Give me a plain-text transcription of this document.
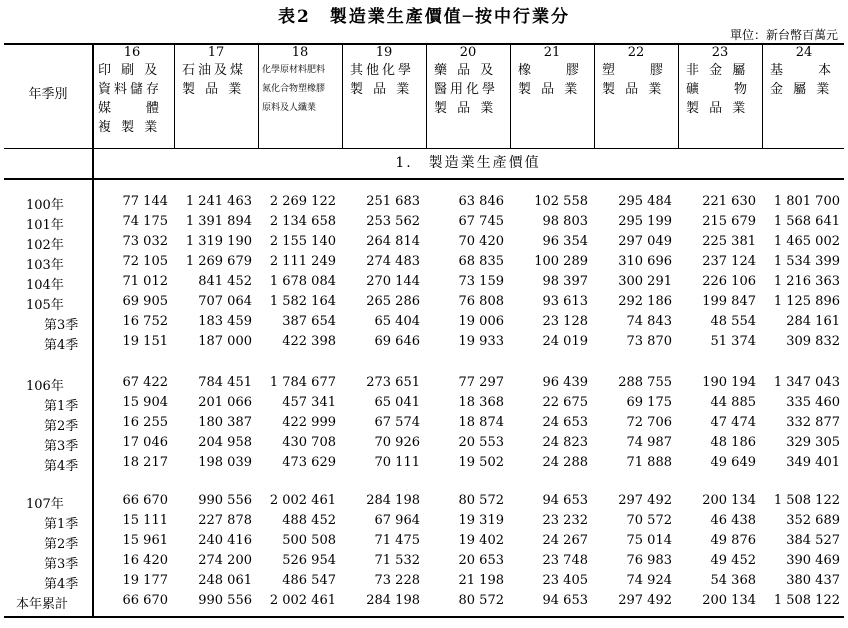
表2　製造業生產價值─按中行業分
單位：新台幣百萬元
年季別
1.　製造業生產價值
16
印 刷 及
資料儲存
媒　　體
複 製 業
17
石油及煤
製 品 業
18
化學原材料肥料
氮化合物塑橡膠
原料及人纖業
19
其他化學
製 品 業
20
藥 品 及
醫用化學
製 品 業
21
橡　　膠
製 品 業
22
塑　　膠
製 品 業
23
非 金 屬
礦　　物
製 品 業
24
基　　本
金 屬 業
100年	77 144	1 241 463	2 269 122	251 683	63 846	102 558	295 484	221 630	1 801 700
101年	74 175	1 391 894	2 134 658	253 562	67 745	98 803	295 199	215 679	1 568 641
102年	73 032	1 319 190	2 155 140	264 814	70 420	96 354	297 049	225 381	1 465 002
103年	72 105	1 269 679	2 111 249	274 483	68 835	100 289	310 696	237 124	1 534 399
104年	71 012	841 452	1 678 084	270 144	73 159	98 397	300 291	226 106	1 216 363
105年	69 905	707 064	1 582 164	265 286	76 808	93 613	292 186	199 847	1 125 896
第3季	16 752	183 459	387 654	65 404	19 006	23 128	74 843	48 554	284 161
第4季	19 151	187 000	422 398	69 646	19 933	24 019	73 870	51 374	309 832
106年	67 422	784 451	1 784 677	273 651	77 297	96 439	288 755	190 194	1 347 043
第1季	15 904	201 066	457 341	65 041	18 368	22 675	69 175	44 885	335 460
第2季	16 255	180 387	422 999	67 574	18 874	24 653	72 706	47 474	332 877
第3季	17 046	204 958	430 708	70 926	20 553	24 823	74 987	48 186	329 305
第4季	18 217	198 039	473 629	70 111	19 502	24 288	71 888	49 649	349 401
107年	66 670	990 556	2 002 461	284 198	80 572	94 653	297 492	200 134	1 508 122
第1季	15 111	227 878	488 452	67 964	19 319	23 232	70 572	46 438	352 689
第2季	15 961	240 416	500 508	71 475	19 402	24 267	75 014	49 876	384 527
第3季	16 420	274 200	526 954	71 532	20 653	23 748	76 983	49 452	390 469
第4季	19 177	248 061	486 547	73 228	21 198	23 405	74 924	54 368	380 437
本年累計	66 670	990 556	2 002 461	284 198	80 572	94 653	297 492	200 134	1 508 122
